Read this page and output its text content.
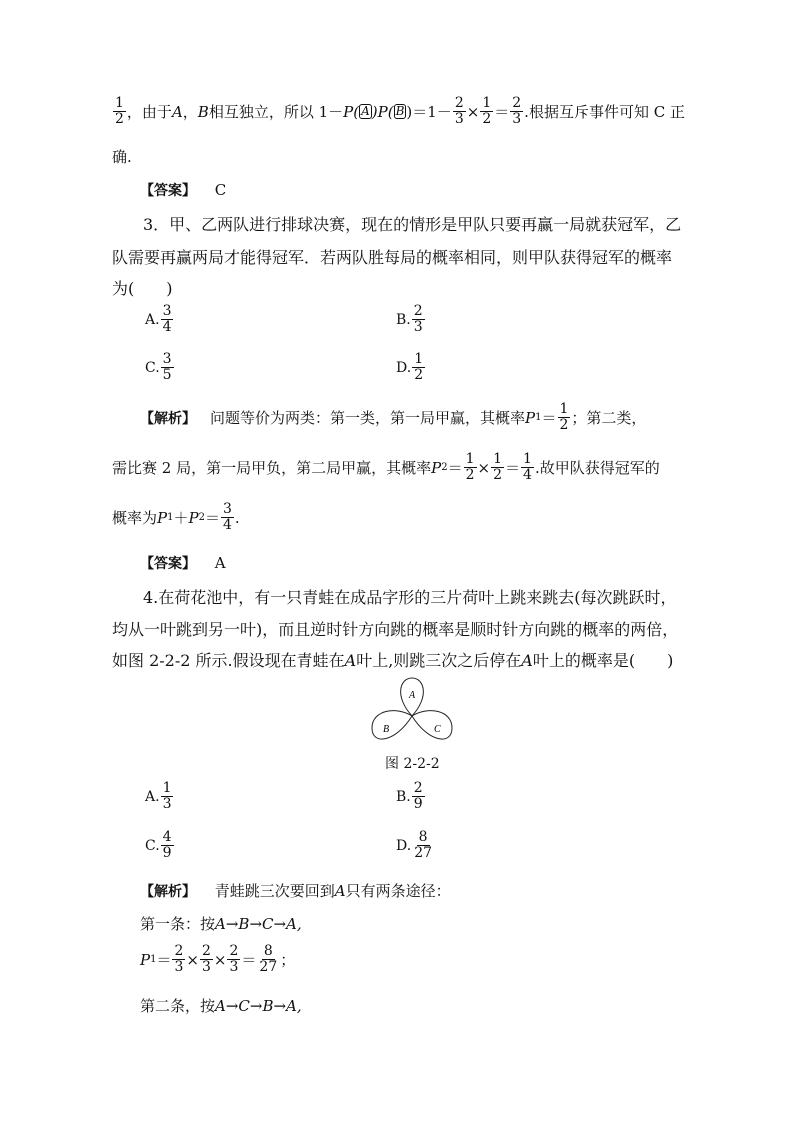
$\frac{1}{2}$ ，由于 A ， B 相互独立，所以 1 － P( A )P( B )$=1- \frac{2}{3} \times \frac{1}{2} = \frac{2}{3}$ .根据互斥事件可知 C 正
确.
【答案】 C
3．甲、乙两队进行排球决赛，现在的情形是甲队只要再赢一局就获冠军，乙
队需要再赢两局才能得冠军．若两队胜每局的概率相同，则甲队获得冠军的概率
为(　　)
A. $\frac{3}{4}$	B. $\frac{2}{3}$
C. $\frac{3}{5}$	D. $\frac{1}{2}$
【 解析 】 问题等价为两类：第一类，第一局甲赢，其概率 P $1 = \frac{1}{2}$ ；第二类，
需比赛 2 局，第一局甲负，第二局甲赢，其概率 P $2 = \frac{1}{2} \times \frac{1}{2} = \frac{1}{4}$ .故甲队获得冠军的
概率为 P 1 ＋ P $2 = \frac{3}{4}$ .
【答案】 A
4.在荷花池中，有一只青蛙在成品字形的三片荷叶上跳来跳去(每次跳跃时，
均从一叶跳到另一叶)，而且逆时针方向跳的概率是顺时针方向跳的概率的两倍，
如图 2-2-2 所示.假设现在青蛙在A叶上,则跳三次之后停在A叶上的概率是(　　)
A
B	C
图 2-2-2
A. $\frac{1}{3}$	B. $\frac{2}{9}$
C. $\frac{4}{9}$	D. $\frac{8}{27}$
【解析】 青蛙跳三次要回到A只有两条途径：
第一条：按A→B→C→A,
P $1 = \frac{2}{3} \times \frac{2}{3} \times \frac{2}{3} = \frac{8}{27}$ ；
第二条，按A→C→B→A,
